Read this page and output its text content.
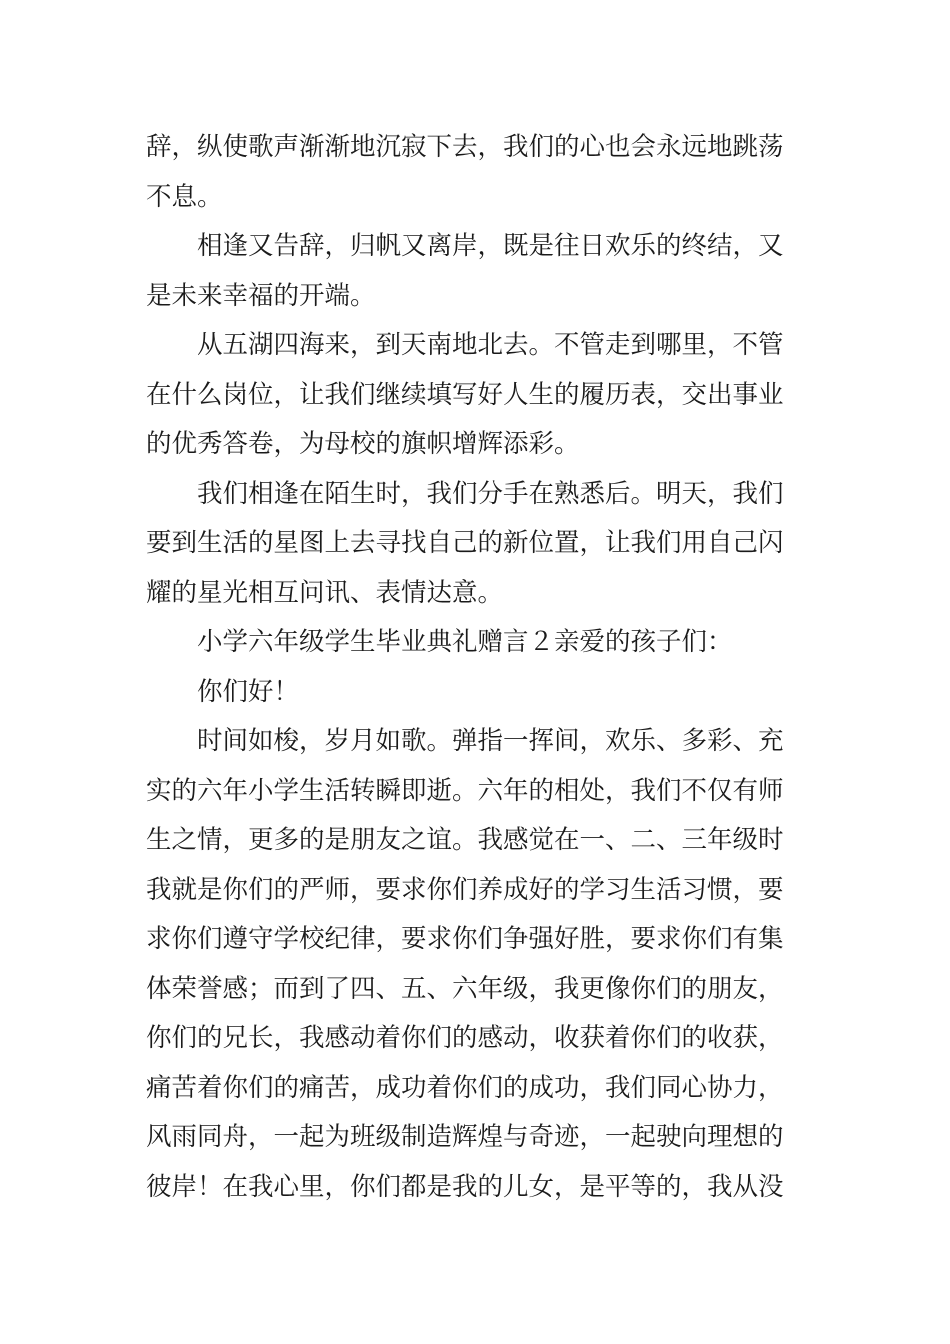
辞，纵使歌声渐渐地沉寂下去，我们的心也会永远地跳荡
不息。
相逢又告辞，归帆又离岸，既是往日欢乐的终结，又
是未来幸福的开端。
从五湖四海来，到天南地北去。不管走到哪里，不管
在什么岗位，让我们继续填写好人生的履历表，交出事业
的优秀答卷，为母校的旗帜增辉添彩。
我们相逢在陌生时，我们分手在熟悉后。明天，我们
要到生活的星图上去寻找自己的新位置，让我们用自己闪
耀的星光相互问讯、表情达意。
小学六年级学生毕业典礼赠言２亲爱的孩子们：
你们好！
时间如梭，岁月如歌。弹指一挥间，欢乐、多彩、充
实的六年小学生活转瞬即逝。六年的相处，我们不仅有师
生之情，更多的是朋友之谊。我感觉在一、二、三年级时
我就是你们的严师，要求你们养成好的学习生活习惯，要
求你们遵守学校纪律，要求你们争强好胜，要求你们有集
体荣誉感；而到了四、五、六年级，我更像你们的朋友，
你们的兄长，我感动着你们的感动，收获着你们的收获，
痛苦着你们的痛苦，成功着你们的成功，我们同心协力，
风雨同舟，一起为班级制造辉煌与奇迹，一起驶向理想的
彼岸！在我心里，你们都是我的儿女，是平等的，我从没
